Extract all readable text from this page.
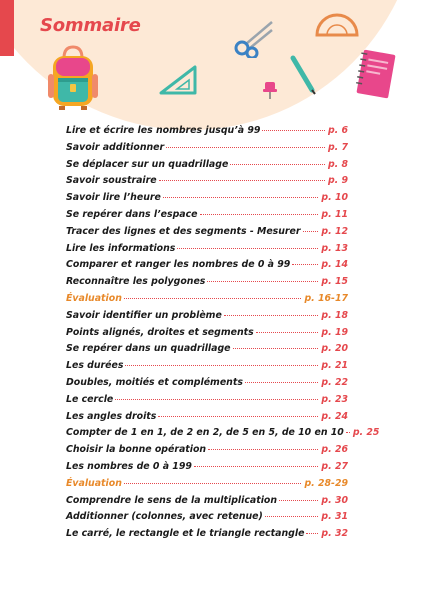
Sommaire
Lire et écrire les nombres jusqu’à 99	p. 6
Savoir additionner	p. 7
Se déplacer sur un quadrillage	p. 8
Savoir soustraire	p. 9
Savoir lire l’heure	p. 10
Se repérer dans l’espace	p. 11
Tracer des lignes et des segments - Mesurer p. 12
Lire les informations	p. 13
Comparer et ranger les nombres de 0 à 99	p. 14
Reconnaître les polygones	p. 15
Évaluation	p. 16-17
Savoir identifier un problème	p. 18
Points alignés, droites et segments	p. 19
Se repérer dans un quadrillage	p. 20
Les durées	p. 21
Doubles, moitiés et compléments	p. 22
Le cercle	p. 23
Les angles droits	p. 24
Compter de 1 en 1, de 2 en 2, de 5 en 5, de 10 en 10 p. 25
Choisir la bonne opération	p. 26
Les nombres de 0 à 199	p. 27
Évaluation	p. 28-29
Comprendre le sens de la multiplication	p. 30
Additionner (colonnes, avec retenue)	p. 31
Le carré, le rectangle et le triangle rectangle p. 32
